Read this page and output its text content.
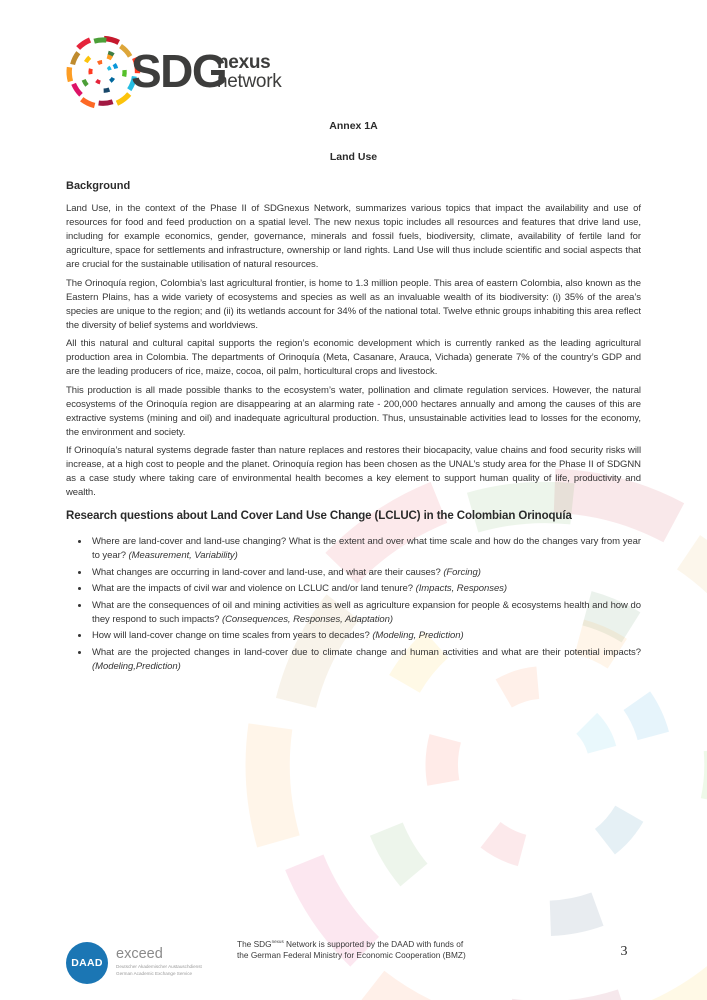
SDG
nexus
network
Annex 1A
Land Use
Background

Land Use, in the context of the Phase II of SDGnexus Network, summarizes various topics that impact the availability and use of resources for food and feed production on a spatial level. The new nexus topic includes all resources and features that drive land use, including for example economics, gender, governance, minerals and fossil fuels, biodiversity, climate, availability of fertile land for agriculture, space for settlements and infrastructure, ownership or land rights. Land Use will thus include scientific and social aspects that are crucial for the sustainable utilisation of natural resources.

The Orinoquía region, Colombia’s last agricultural frontier, is home to 1.3 million people. This area of eastern Colombia, also known as the Eastern Plains, has a wide variety of ecosystems and species as well as an invaluable wealth of its biodiversity: (i) 35% of the area’s species are unique to the region; and (ii) its wetlands account for 34% of the national total. Twelve ethnic groups inhabiting this area reflect the diversity of belief systems and worldviews.

All this natural and cultural capital supports the region’s economic development which is currently ranked as the leading agricultural production area in Colombia. The departments of Orinoquía (Meta, Casanare, Arauca, Vichada) generate 7% of the country’s GDP and are the leading producers of rice, maize, cocoa, oil palm, horticultural crops and livestock.

This production is all made possible thanks to the ecosystem’s water, pollination and climate regulation services. However, the natural ecosystems of the Orinoquía region are disappearing at an alarming rate - 200,000 hectares annually and among the causes of this are extractive systems (mining and oil) and inadequate agricultural production. Thus, unsustainable activities lead to losses for the economy, the environment and society.

If Orinoquía’s natural systems degrade faster than nature replaces and restores their biocapacity, value chains and food security risks will increase, at a high cost to people and the planet. Orinoquía region has been chosen as the UNAL’s study area for the Phase II of SDGNN as a case study where taking care of environmental health becomes a key element to support human quality of life, productivity and wealth.

Research questions about Land Cover Land Use Change (LCLUC) in the Colombian Orinoquía
• Where are land-cover and land-use changing? What is the extent and over what time scale and how do the changes vary from year to year? (Measurement, Variability)
• What changes are occurring in land-cover and land-use, and what are their causes? (Forcing)
• What are the impacts of civil war and violence on LCLUC and/or land tenure? (Impacts, Responses)
• What are the consequences of oil and mining activities as well as agriculture expansion for people & ecosystems health and how do they respond to such impacts? (Consequences, Responses, Adaptation)
• How will land-cover change on time scales from years to decades? (Modeling, Prediction)
• What are the projected changes in land-cover due to climate change and human activities and what are their potential impacts? (Modeling,Prediction)
DAAD
exceed
Deutscher Akademischer Austauschdienst
German Academic Exchange Service
The $SDG^{nexus}$ Network is supported by the DAAD with funds of
the German Federal Ministry for Economic Cooperation (BMZ)	3
